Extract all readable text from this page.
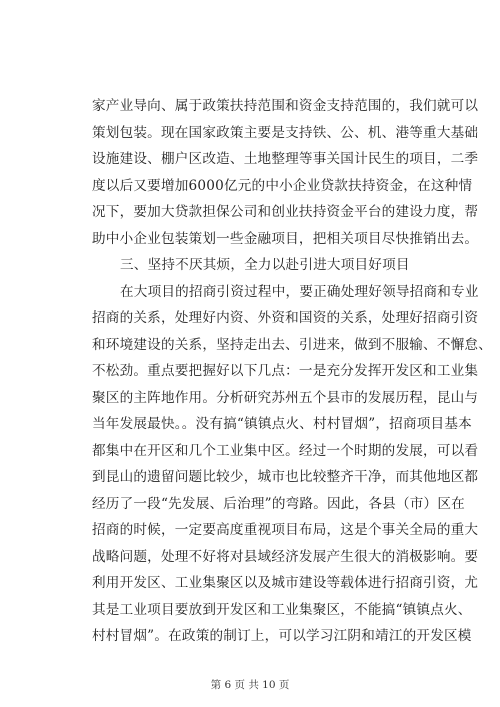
家产业导向、属于政策扶持范围和资金支持范围的，我们就可以
策划包装。现在国家政策主要是支持铁、公、机、港等重大基础
设施建设、棚户区改造、土地整理等事关国计民生的项目，二季
度以后又要增加6000亿元的中小企业贷款扶持资金，在这种情
况下，要加大贷款担保公司和创业扶持资金平台的建设力度，帮
助中小企业包装策划一些金融项目，把相关项目尽快推销出去。
三、坚持不厌其烦，全力以赴引进大项目好项目
在大项目的招商引资过程中，要正确处理好领导招商和专业
招商的关系，处理好内资、外资和国资的关系，处理好招商引资
和环境建设的关系，坚持走出去、引进来，做到不服输、不懈怠、
不松劲。重点要把握好以下几点：一是充分发挥开发区和工业集
聚区的主阵地作用。分析研究苏州五个县市的发展历程，昆山与
当年发展最快。。没有搞“镇镇点火、村村冒烟”，招商项目基本
都集中在开区和几个工业集中区。经过一个时期的发展，可以看
到昆山的遗留问题比较少，城市也比较整齐干净，而其他地区都
经历了一段“先发展、后治理”的弯路。因此，各县（市）区在
招商的时候，一定要高度重视项目布局，这是个事关全局的重大
战略问题，处理不好将对县域经济发展产生很大的消极影响。要
利用开发区、工业集聚区以及城市建设等载体进行招商引资，尤
其是工业项目要放到开发区和工业集聚区，不能搞“镇镇点火、
村村冒烟”。在政策的制订上，可以学习江阴和靖江的开发区模
第 6 页 共 10 页
